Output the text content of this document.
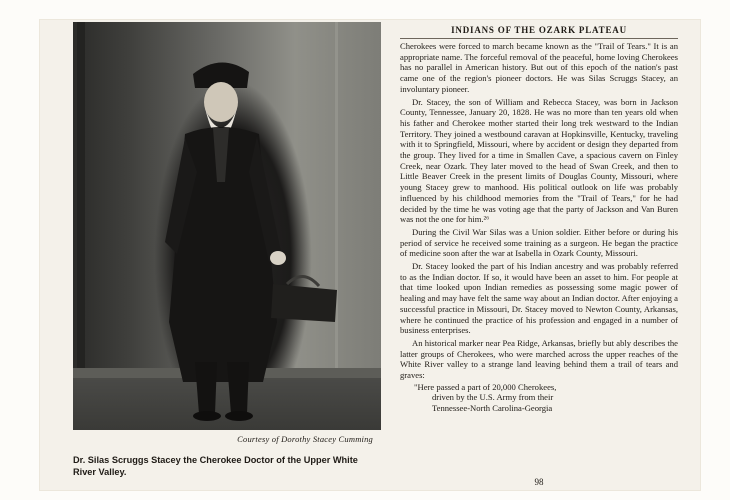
Courtesy of Dorothy Stacey Cumming
Dr. Silas Scruggs Stacey the Cherokee Doctor of the Upper White River Valley.
INDIANS OF THE OZARK PLATEAU

Cherokees were forced to march became known as the "Trail of Tears." It is an appropriate name. The forceful removal of the peaceful, home loving Cherokees has no parallel in American history. But out of this epoch of the nation's past came one of the region's pioneer doctors. He was Silas Scruggs Stacey, an involuntary pioneer.

Dr. Stacey, the son of William and Rebecca Stacey, was born in Jackson County, Tennessee, January 20, 1828. He was no more than ten years old when his father and Cherokee mother started their long trek westward to the Indian Territory. They joined a westbound caravan at Hopkinsville, Kentucky, traveling with it to Springfield, Missouri, where by accident or design they departed from the group. They lived for a time in Smallen Cave, a spacious cavern on Finley Creek, near Ozark. They later moved to the head of Swan Creek, and then to Little Beaver Creek in the present limits of Douglas County, Missouri, where young Stacey grew to manhood. His political outlook on life was probably influenced by his childhood memories from the "Trail of Tears," for he had decided by the time he was voting age that the party of Jackson and Van Buren was not the one for him.²⁶

During the Civil War Silas was a Union soldier. Either before or during his period of service he received some training as a surgeon. He began the practice of medicine soon after the war at Isabella in Ozark County, Missouri.

Dr. Stacey looked the part of his Indian ancestry and was probably referred to as the Indian doctor. If so, it would have been an asset to him. For people at that time looked upon Indian remedies as possessing some magic power of healing and may have felt the same way about an Indian doctor. After enjoying a successful practice in Missouri, Dr. Stacey moved to Newton County, Arkansas, where he continued the practice of his profession and engaged in a number of business enterprises.

An historical marker near Pea Ridge, Arkansas, briefly but ably describes the latter groups of Cherokees, who were marched across the upper reaches of the White River valley to a strange land leaving behind them a trail of tears and graves:

"Here passed a part of 20,000 Cherokees,
driven by the U.S. Army from their
Tennessee-North Carolina-Georgia
98
